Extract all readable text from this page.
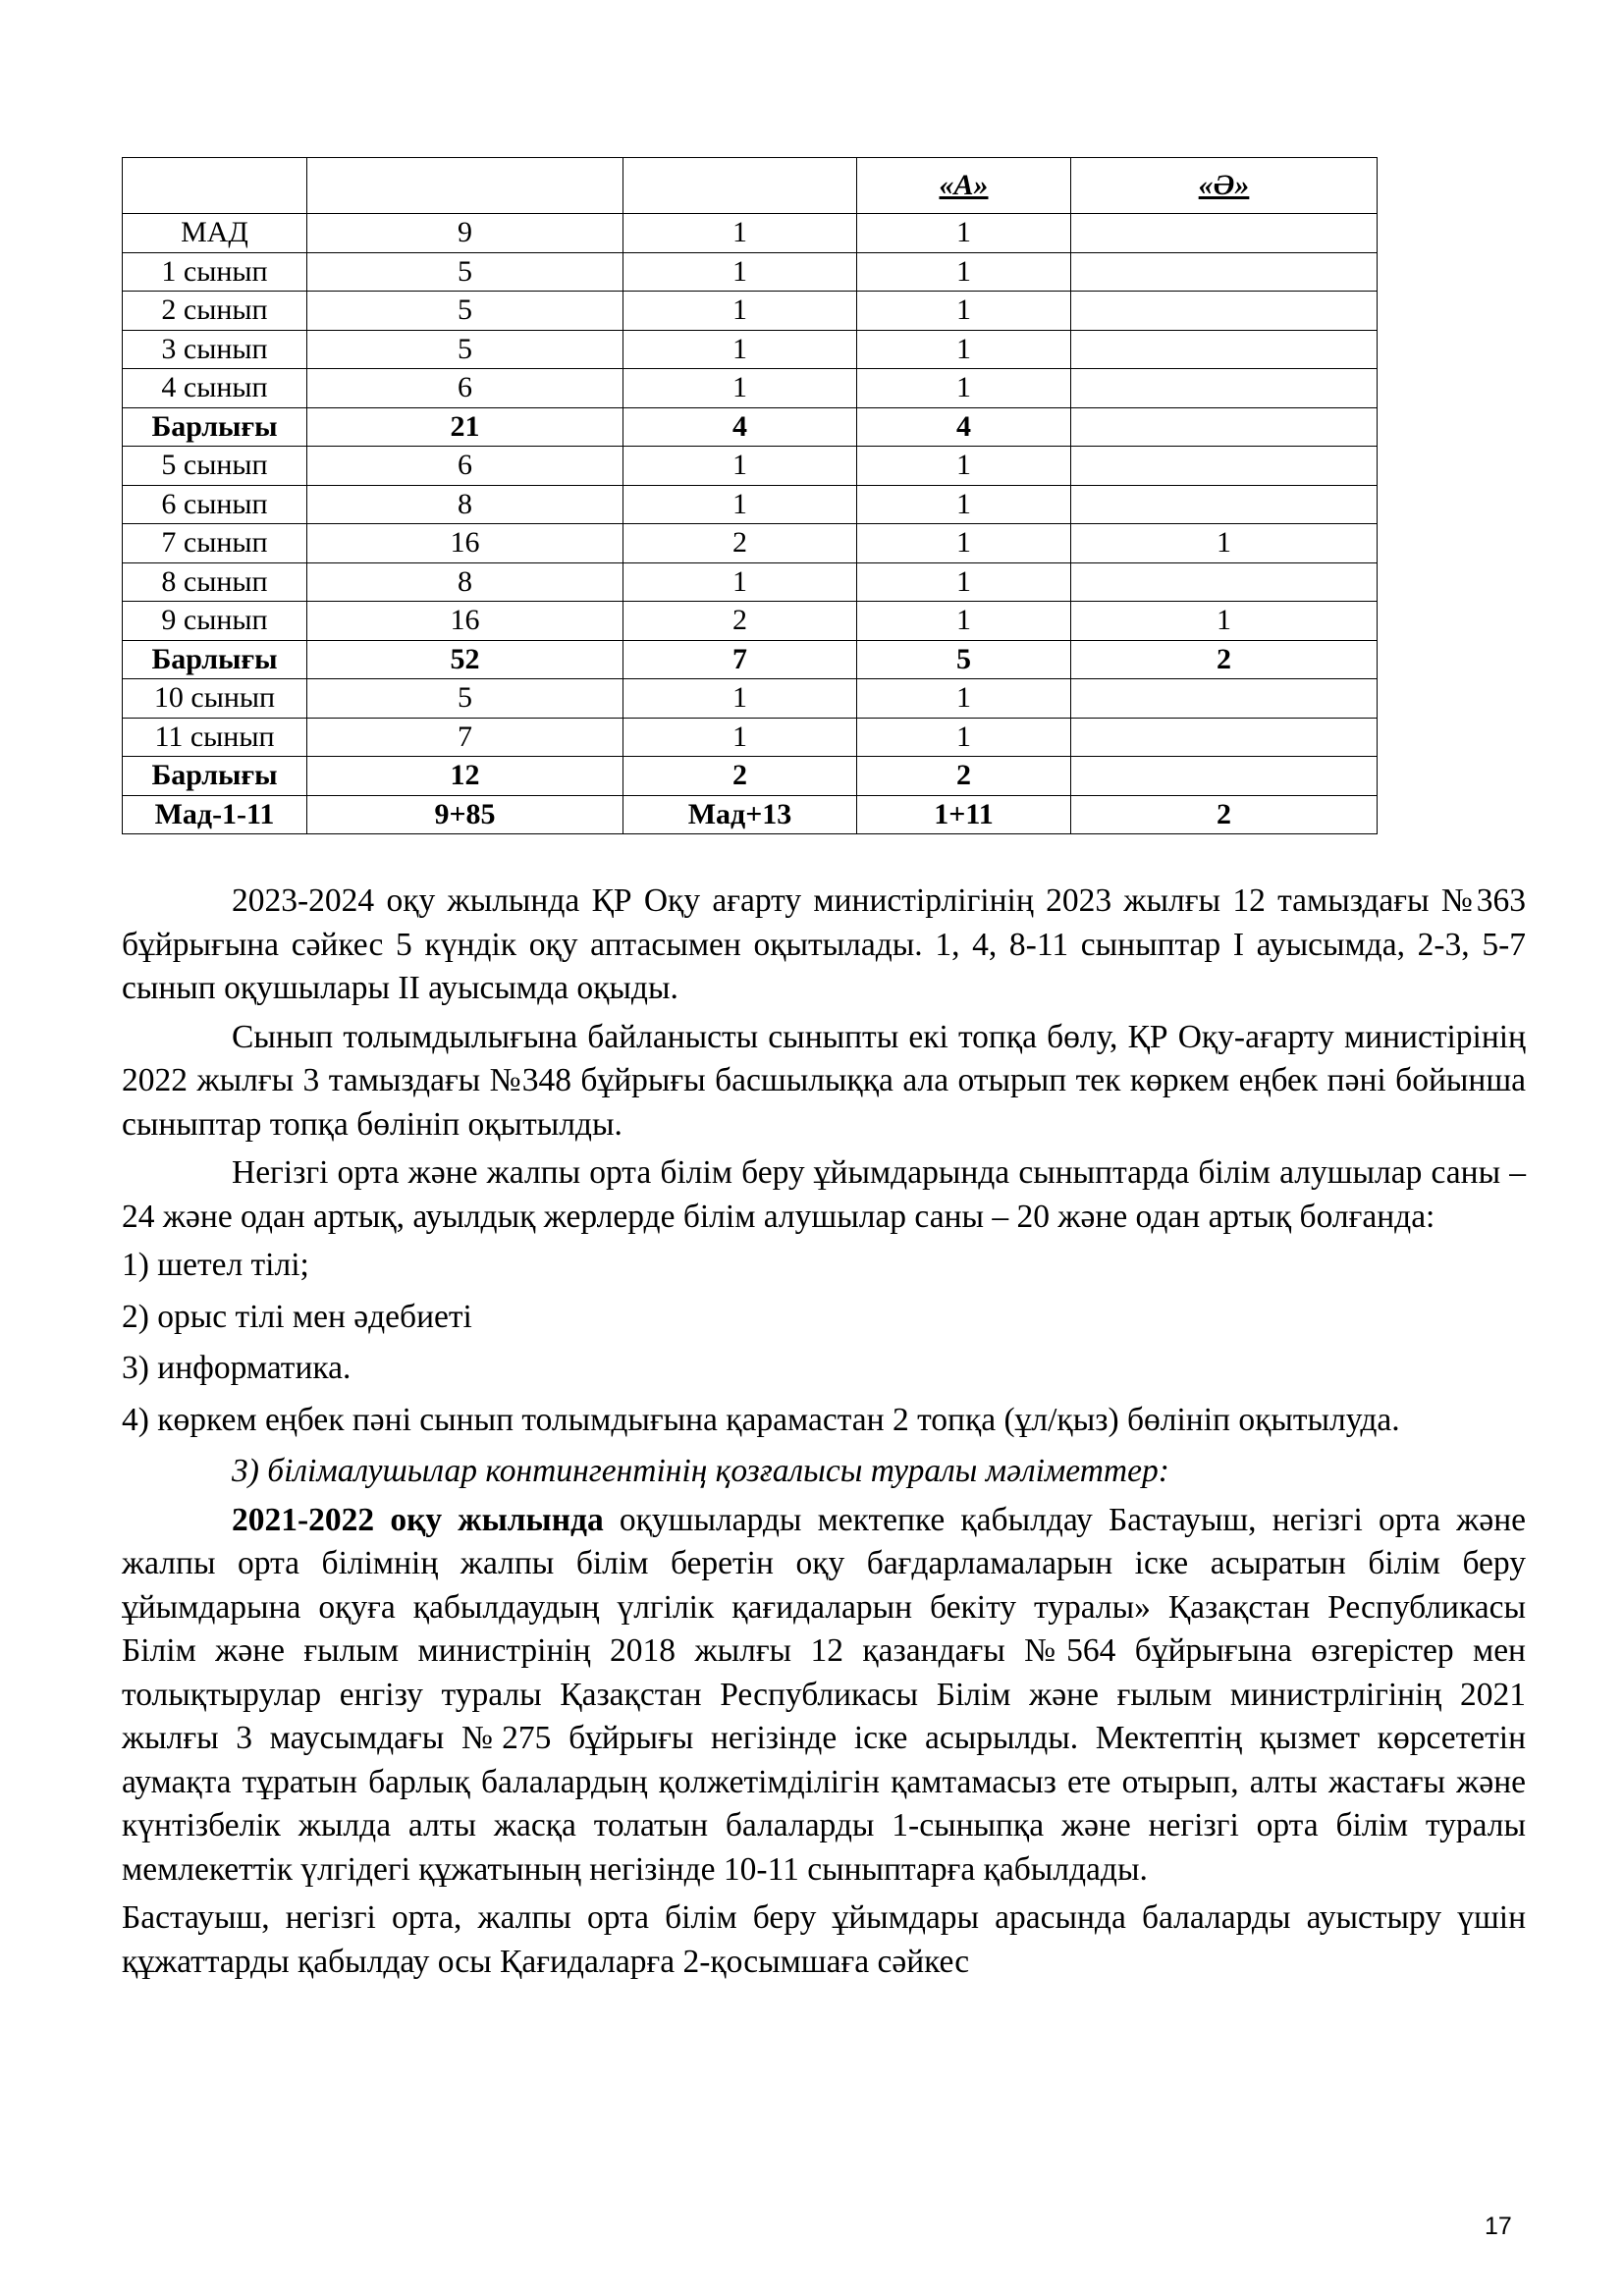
			«А»	«Ә»
МАД	9	1	1	
1 сынып	5	1	1	
2 сынып	5	1	1	
3 сынып	5	1	1	
4 сынып	6	1	1	
Барлығы	21	4	4	
5 сынып	6	1	1	
6 сынып	8	1	1	
7 сынып	16	2	1	1
8 сынып	8	1	1	
9 сынып	16	2	1	1
Барлығы	52	7	5	2
10 сынып	5	1	1	
11 сынып	7	1	1	
Барлығы	12	2	2	
Мад-1-11	9+85	Мад+13	1+11	2

2023-2024 оқу жылында ҚР Оқу ағарту министірлігінің 2023 жылғы 12 тамыздағы №363 бұйрығына сәйкес 5 күндік оқу аптасымен оқытылады. 1, 4, 8-11 сыныптар І ауысымда, 2-3, 5-7 сынып оқушылары ІІ ауысымда оқыды.

Сынып толымдылығына байланысты сыныпты екі топқа бөлу, ҚР Оқу-ағарту министірінің 2022 жылғы 3 тамыздағы №348 бұйрығы басшылыққа ала отырып тек көркем еңбек пәні бойынша сыныптар топқа бөлініп оқытылды.

Негізгі орта және жалпы орта білім беру ұйымдарында сыныптарда білім алушылар саны – 24 және одан артық, ауылдық жерлерде білім алушылар саны – 20 және одан артық болғанда:

1) шетел тілі;

2) орыс тілі мен әдебиеті

3) информатика.

4) көркем еңбек пәні сынып толымдығына қарамастан 2 топқа (ұл/қыз) бөлініп оқытылуда.

3) білімалушылар контингентінің қозғалысы туралы мәліметтер:

2021-2022 оқу жылында оқушыларды мектепке қабылдау Бастауыш, негізгі орта және жалпы орта білімнің жалпы білім беретін оқу бағдарламаларын іске асыратын білім беру ұйымдарына оқуға қабылдаудың үлгілік қағидаларын бекіту туралы» Қазақстан Республикасы Білім және ғылым министрінің 2018 жылғы 12 қазандағы №564 бұйрығына өзгерістер мен толықтырулар енгізу туралы Қазақстан Республикасы Білім және ғылым министрлігінің 2021 жылғы 3 маусымдағы №275 бұйрығы негізінде іске асырылды. Мектептің қызмет көрсететін аумақта тұратын барлық балалардың қолжетімділігін қамтамасыз ете отырып, алты жастағы және күнтізбелік жылда алты жасқа толатын балаларды 1-сыныпқа және негізгі орта білім туралы мемлекеттік үлгідегі құжатының негізінде 10-11 сыныптарға қабылдады.

Бастауыш, негізгі орта, жалпы орта білім беру ұйымдары арасында балаларды ауыстыру үшін құжаттарды қабылдау осы Қағидаларға 2-қосымшаға сәйкес

17
